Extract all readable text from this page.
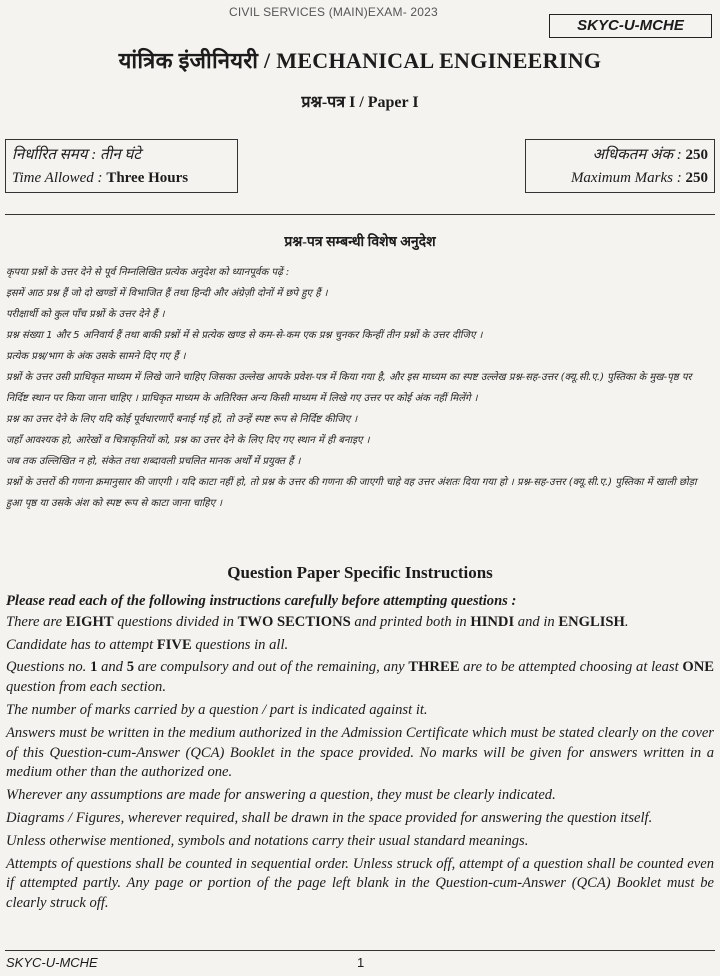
CIVIL SERVICES (MAIN)EXAM- 2023
SKYC-U-MCHE
यांत्रिक इंजीनियरी / MECHANICAL ENGINEERING
प्रश्न-पत्र I / Paper I
निर्धारित समय : तीन घंटे
Time Allowed : Three Hours
अधिकतम अंक : 250
Maximum Marks : 250
प्रश्न-पत्र सम्बन्धी विशेष अनुदेश

कृपया प्रश्नों के उत्तर देने से पूर्व निम्नलिखित प्रत्येक अनुदेश को ध्यानपूर्वक पढ़ें :

इसमें आठ प्रश्न हैं जो दो खण्डों में विभाजित हैं तथा हिन्दी और अंग्रेज़ी दोनों में छपे हुए हैं ।

परीक्षार्थी को कुल पाँच प्रश्नों के उत्तर देने हैं ।

प्रश्न संख्या 1 और 5 अनिवार्य हैं तथा बाकी प्रश्नों में से प्रत्येक खण्ड से कम-से-कम एक प्रश्न चुनकर किन्हीं तीन प्रश्नों के उत्तर दीजिए ।

प्रत्येक प्रश्न/भाग के अंक उसके सामने दिए गए हैं ।

प्रश्नों के उत्तर उसी प्राधिकृत माध्यम में लिखे जाने चाहिए जिसका उल्लेख आपके प्रवेश-पत्र में किया गया है, और इस माध्यम का स्पष्ट उल्लेख प्रश्न-सह-उत्तर (क्यू.सी.ए.) पुस्तिका के मुख-पृष्ठ पर निर्दिष्ट स्थान पर किया जाना चाहिए । प्राधिकृत माध्यम के अतिरिक्त अन्य किसी माध्यम में लिखे गए उत्तर पर कोई अंक नहीं मिलेंगे ।

प्रश्न का उत्तर देने के लिए यदि कोई पूर्वधारणाएँ बनाई गई हों, तो उन्हें स्पष्ट रूप से निर्दिष्ट कीजिए ।

जहाँ आवश्यक हो, आरेखों व चित्राकृतियों को, प्रश्न का उत्तर देने के लिए दिए गए स्थान में ही बनाइए ।

जब तक उल्लिखित न हो, संकेत तथा शब्दावली प्रचलित मानक अर्थों में प्रयुक्त हैं ।

प्रश्नों के उत्तरों की गणना क्रमानुसार की जाएगी । यदि काटा नहीं हो, तो प्रश्न के उत्तर की गणना की जाएगी चाहे वह उत्तर अंशतः दिया गया हो । प्रश्न-सह-उत्तर (क्यू.सी.ए.) पुस्तिका में खाली छोड़ा हुआ पृष्ठ या उसके अंश को स्पष्ट रूप से काटा जाना चाहिए ।

Question Paper Specific Instructions

Please read each of the following instructions carefully before attempting questions :

There are EIGHT questions divided in TWO SECTIONS and printed both in HINDI and in ENGLISH.

Candidate has to attempt FIVE questions in all.

Questions no. 1 and 5 are compulsory and out of the remaining, any THREE are to be attempted choosing at least ONE question from each section.

The number of marks carried by a question / part is indicated against it.

Answers must be written in the medium authorized in the Admission Certificate which must be stated clearly on the cover of this Question-cum-Answer (QCA) Booklet in the space provided. No marks will be given for answers written in a medium other than the authorized one.

Wherever any assumptions are made for answering a question, they must be clearly indicated.

Diagrams / Figures, wherever required, shall be drawn in the space provided for answering the question itself.

Unless otherwise mentioned, symbols and notations carry their usual standard meanings.

Attempts of questions shall be counted in sequential order. Unless struck off, attempt of a question shall be counted even if attempted partly. Any page or portion of the page left blank in the Question-cum-Answer (QCA) Booklet must be clearly struck off.

SKYC-U-MCHE	1
